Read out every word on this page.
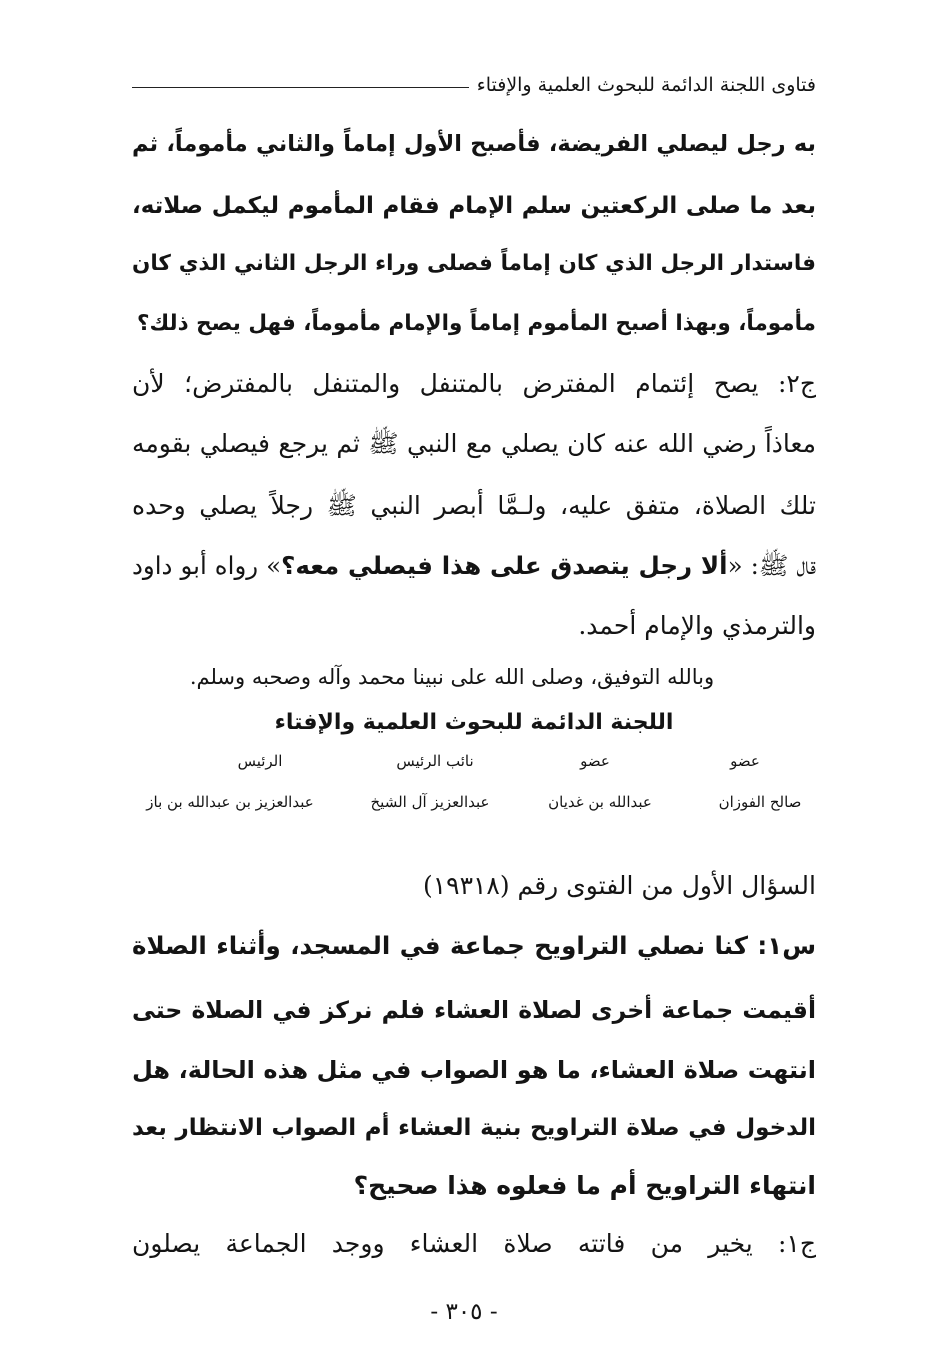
فتاوى اللجنة الدائمة للبحوث العلمية والإفتاء
به رجل ليصلي الفريضة، فأصبح الأول إماماً والثاني مأموماً، ثم
بعد ما صلى الركعتين سلم الإمام فقام المأموم ليكمل صلاته،
فاستدار الرجل الذي كان إماماً فصلى وراء الرجل الثاني الذي كان
مأموماً، وبهذا أصبح المأموم إماماً والإمام مأموماً، فهل يصح ذلك؟
ج٢: يصح إئتمام المفترض بالمتنفل والمتنفل بالمفترض؛ لأن
معاذاً رضي الله عنه كان يصلي مع النبي ﷺ ثم يرجع فيصلي بقومه
تلك الصلاة، متفق عليه، ولـمَّا أبصر النبي ﷺ رجلاً يصلي وحده
قال ﷺ: «ألا رجل يتصدق على هذا فيصلي معه؟» رواه أبو داود
والترمذي والإمام أحمد.
وبالله التوفيق، وصلى الله على نبينا محمد وآله وصحبه وسلم.
اللجنة الدائمة للبحوث العلمية والإفتاء
عضو
عضو
نائب الرئيس
الرئيس
صالح الفوزان
عبدالله بن غديان
عبدالعزيز آل الشيخ
عبدالعزيز بن عبدالله بن باز
السؤال الأول من الفتوى رقم (١٩٣١٨)
س١: كنا نصلي التراويح جماعة في المسجد، وأثناء الصلاة
أقيمت جماعة أخرى لصلاة العشاء فلم نركز في الصلاة حتى
انتهت صلاة العشاء، ما هو الصواب في مثل هذه الحالة، هل
الدخول في صلاة التراويح بنية العشاء أم الصواب الانتظار بعد
انتهاء التراويح أم ما فعلوه هذا صحيح؟
ج١: يخير من فاتته صلاة العشاء ووجد الجماعة يصلون
- ٣٠٥ -
